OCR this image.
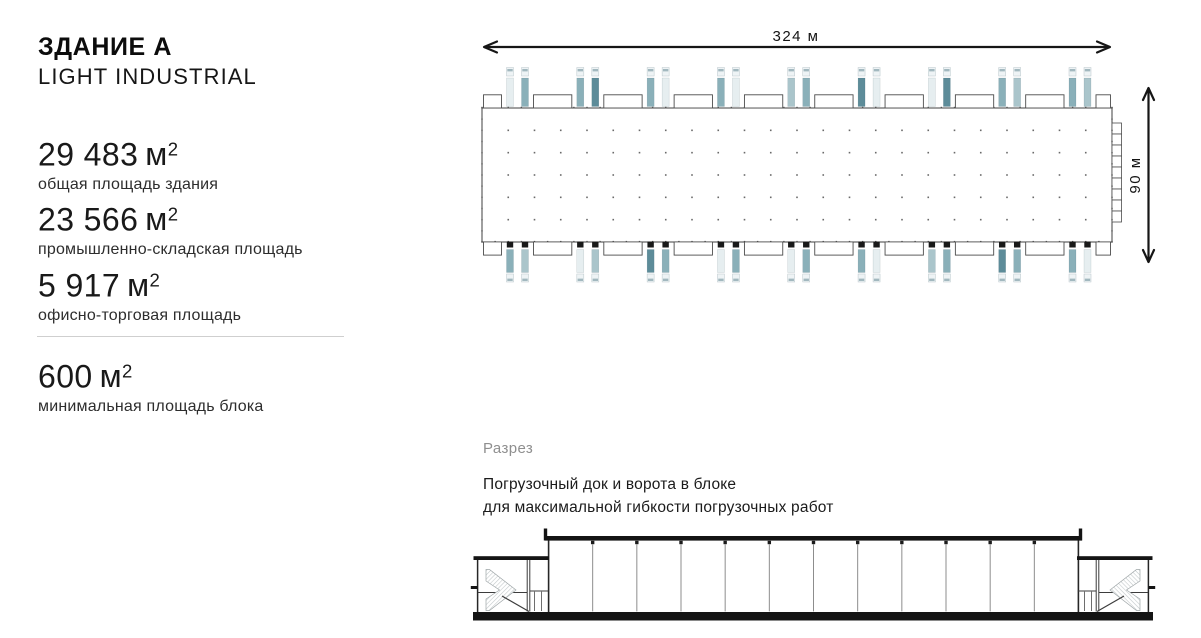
ЗДАНИЕ А
LIGHT INDUSTRIAL
29 483 $м^2$
общая площадь здания
23 566 $м^2$
промышленно-складская площадь
5 917 $м^2$
офисно-торговая площадь
600 $м^2$
минимальная площадь блока
324 м
90 м
Разрез
Погрузочный док и ворота в блоке
для максимальной гибкости погрузочных работ
